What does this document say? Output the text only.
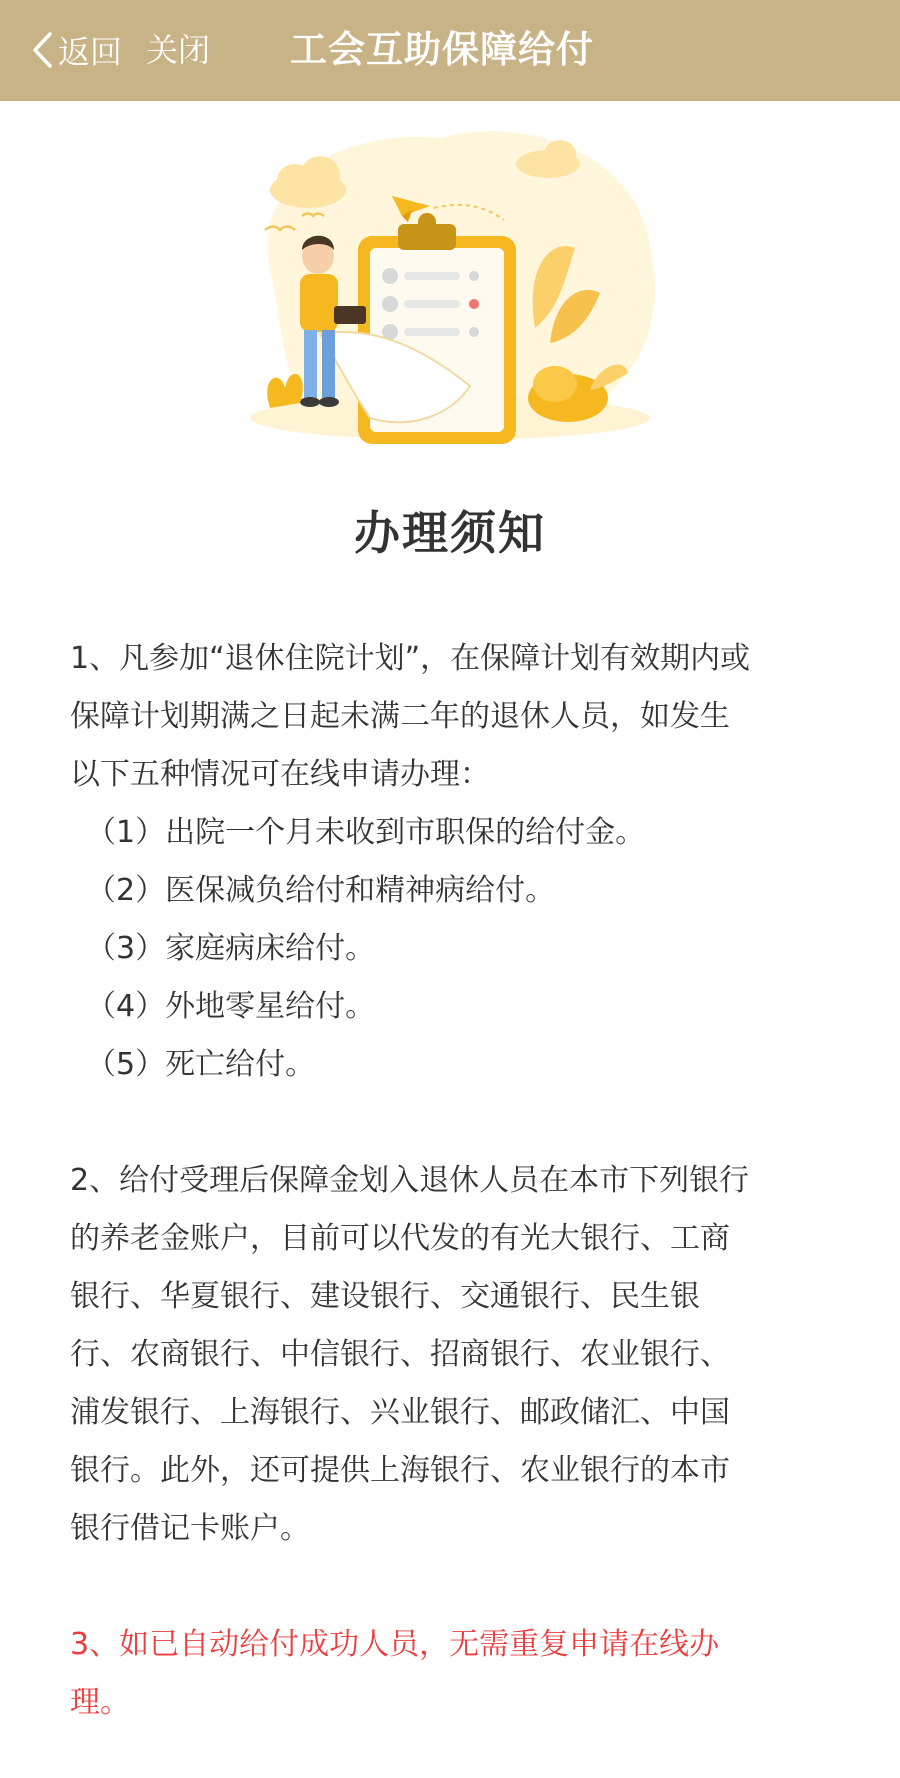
返回 关闭 工会互助保障给付
办理须知

1、凡参加“退休住院计划”，在保障计划有效期内或

保障计划期满之日起未满二年的退休人员，如发生

以下五种情况可在线申请办理：

（1）出院一个月未收到市职保的给付金。

（2）医保减负给付和精神病给付。

（3）家庭病床给付。

（4）外地零星给付。

（5）死亡给付。

2、给付受理后保障金划入退休人员在本市下列银行

的养老金账户，目前可以代发的有光大银行、工商

银行、华夏银行、建设银行、交通银行、民生银

行、农商银行、中信银行、招商银行、农业银行、

浦发银行、上海银行、兴业银行、邮政储汇、中国

银行。此外，还可提供上海银行、农业银行的本市

银行借记卡账户。

3、如已自动给付成功人员，无需重复申请在线办

理。
